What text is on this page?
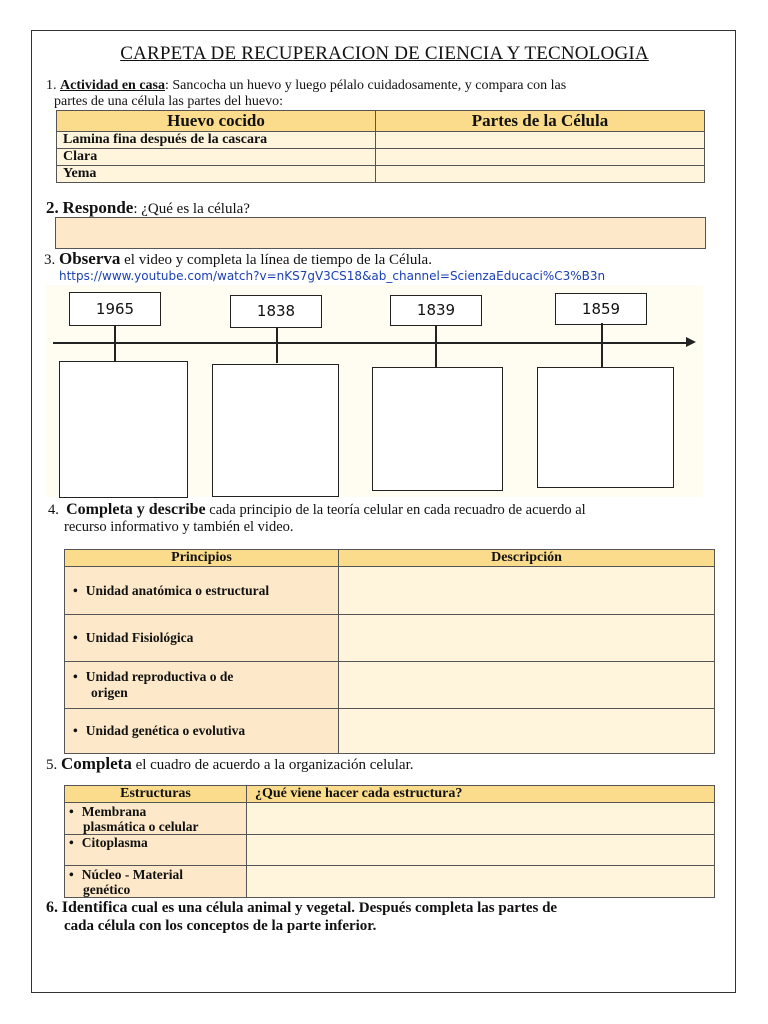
CARPETA DE RECUPERACION DE CIENCIA Y TECNOLOGIA
1. Actividad en casa: Sancocha un huevo y luego pélalo cuidadosamente, y compara con las
partes de una célula las partes del huevo:
Huevo cocido	Partes de la Célula
Lamina fina después de la cascara	
Clara	
Yema	
2. Responde: ¿Qué es la célula?
3. Observa el video y completa la línea de tiempo de la Célula.
https://www.youtube.com/watch?v=nKS7gV3CS18&ab_channel=ScienzaEducaci%C3%B3n
1965	1838	1839	1859
4. Completa y describe cada principio de la teoría celular en cada recuadro de acuerdo al
recurso informativo y también el video.
Principios	Descripción
• Unidad anatómica o estructural	
• Unidad Fisiológica	
• Unidad reproductiva o de
origen	
• Unidad genética o evolutiva	
5. Completa el cuadro de acuerdo a la organización celular.
Estructuras	¿Qué viene hacer cada estructura?
• Membrana
plasmática o celular	
• Citoplasma	
• Núcleo - Material
genético	
6. Identifica cual es una célula animal y vegetal. Después completa las partes de
cada célula con los conceptos de la parte inferior.
